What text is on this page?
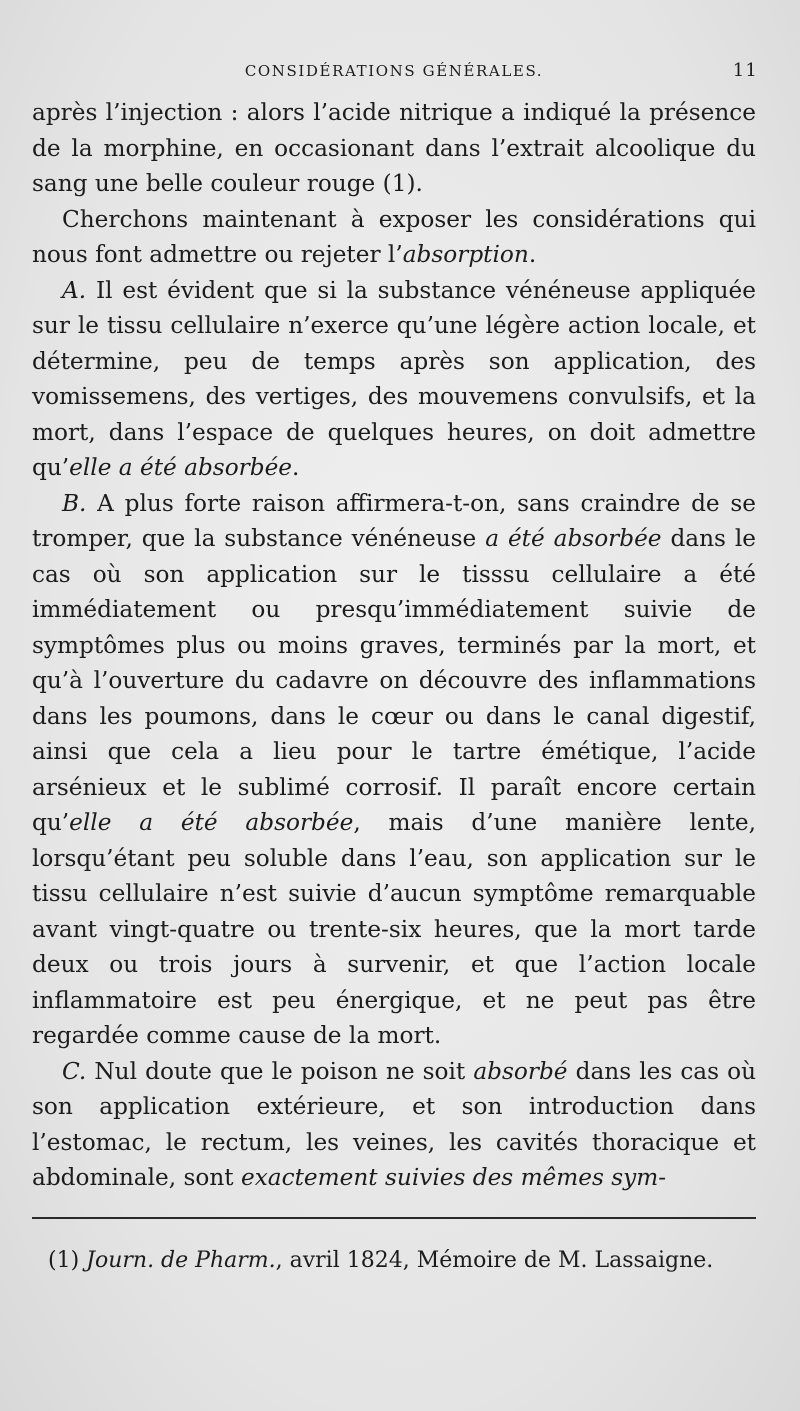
CONSIDÉRATIONS GÉNÉRALES.	11

après l’injection : alors l’acide nitrique a indiqué la présence de la morphine, en occasionant dans l’extrait alcoolique du sang une belle couleur rouge (1).

Cherchons maintenant à exposer les considérations qui nous font admettre ou rejeter l’absorption.

A. Il est évident que si la substance vénéneuse appliquée sur le tissu cellulaire n’exerce qu’une légère action locale, et détermine, peu de temps après son application, des vomissemens, des vertiges, des mouvemens convulsifs, et la mort, dans l’espace de quelques heures, on doit admettre qu’elle a été absorbée.

B. A plus forte raison affirmera-t-on, sans craindre de se tromper, que la substance vénéneuse a été absorbée dans le cas où son application sur le tisssu cellulaire a été immédiatement ou presqu’immédiatement suivie de symptômes plus ou moins graves, terminés par la mort, et qu’à l’ouverture du cadavre on découvre des inflammations dans les poumons, dans le cœur ou dans le canal digestif, ainsi que cela a lieu pour le tartre émétique, l’acide arsénieux et le sublimé corrosif. Il paraît encore certain qu’elle a été absorbée, mais d’une manière lente, lorsqu’étant peu soluble dans l’eau, son application sur le tissu cellulaire n’est suivie d’aucun symptôme remarquable avant vingt-quatre ou trente-six heures, que la mort tarde deux ou trois jours à survenir, et que l’action locale inflammatoire est peu énergique, et ne peut pas être regardée comme cause de la mort.

C. Nul doute que le poison ne soit absorbé dans les cas où son application extérieure, et son introduction dans l’estomac, le rectum, les veines, les cavités thoracique et abdominale, sont exactement suivies des mêmes sym-

(1) Journ. de Pharm., avril 1824, Mémoire de M. Lassaigne.
